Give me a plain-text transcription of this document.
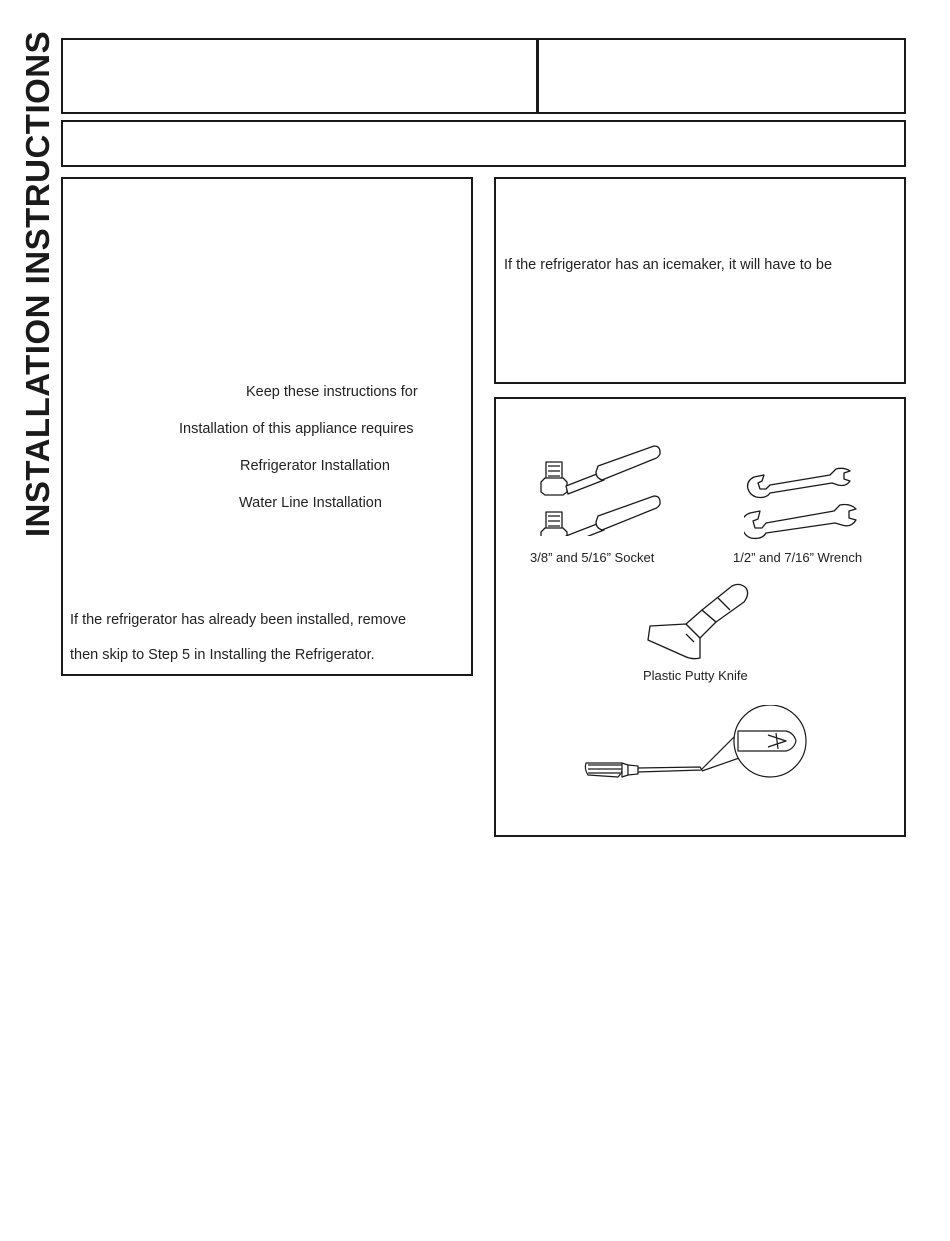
INSTALLATION INSTRUCTIONS	Keep these instructions for
Installation of this appliance requires
Refrigerator Installation
Water Line Installation
If the refrigerator has already been installed, remove
then skip to Step 5 in Installing the Refrigerator.
If the refrigerator has an icemaker, it will have to be
3/8” and 5/16” Socket	1/2” and 7/16” Wrench
Plastic Putty Knife
